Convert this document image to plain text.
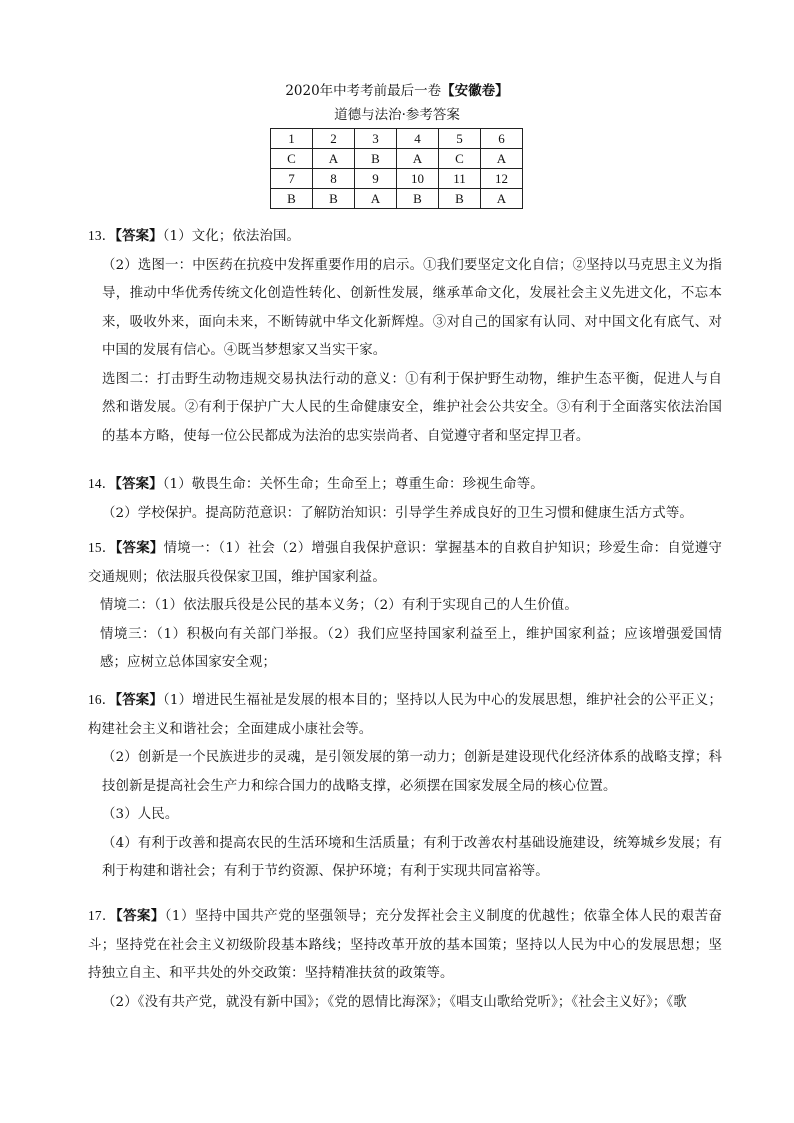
2020年中考考前最后一卷【安徽卷】
道德与法治·参考答案
1	2	3	4	5	6
C	A	B	A	C	A
7	8	9	10	11	12
B	B	A	B	B	A

13．【答案】（1）文化；依法治国。

（2）选图一：中医药在抗疫中发挥重要作用的启示。①我们要坚定文化自信；②坚持以马克思主义为指导，推动中华优秀传统文化创造性转化、创新性发展，继承革命文化，发展社会主义先进文化，不忘本来，吸收外来，面向未来，不断铸就中华文化新辉煌。③对自己的国家有认同、对中国文化有底气、对中国的发展有信心。④既当梦想家又当实干家。

选图二：打击野生动物违规交易执法行动的意义：①有利于保护野生动物，维护生态平衡，促进人与自然和谐发展。②有利于保护广大人民的生命健康安全，维护社会公共安全。③有利于全面落实依法治国的基本方略，使每一位公民都成为法治的忠实崇尚者、自觉遵守者和坚定捍卫者。

14．【答案】（1）敬畏生命：关怀生命；生命至上；尊重生命：珍视生命等。

（2）学校保护。提高防范意识：了解防治知识：引导学生养成良好的卫生习惯和健康生活方式等。

15．【答案】情境一：（1）社会（2）增强自我保护意识：掌握基本的自救自护知识；珍爱生命：自觉遵守交通规则；依法服兵役保家卫国，维护国家利益。

情境二：（1）依法服兵役是公民的基本义务；（2）有利于实现自己的人生价值。

情境三：（1）积极向有关部门举报。（2）我们应坚持国家利益至上，维护国家利益；应该增强爱国情感；应树立总体国家安全观；

16．【答案】（1）增进民生福祉是发展的根本目的；坚持以人民为中心的发展思想，维护社会的公平正义；构建社会主义和谐社会；全面建成小康社会等。

（2）创新是一个民族进步的灵魂，是引领发展的第一动力；创新是建设现代化经济体系的战略支撑；科技创新是提高社会生产力和综合国力的战略支撑，必须摆在国家发展全局的核心位置。

（3）人民。

（4）有利于改善和提高农民的生活环境和生活质量；有利于改善农村基础设施建设，统筹城乡发展；有利于构建和谐社会；有利于节约资源、保护环境；有利于实现共同富裕等。

17．【答案】（1）坚持中国共产党的坚强领导；充分发挥社会主义制度的优越性；依靠全体人民的艰苦奋斗；坚持党在社会主义初级阶段基本路线；坚持改革开放的基本国策；坚持以人民为中心的发展思想；坚持独立自主、和平共处的外交政策：坚持精准扶贫的政策等。

（2）《没有共产党，就没有新中国》；《党的恩情比海深》；《唱支山歌给党听》；《社会主义好》；《歌
